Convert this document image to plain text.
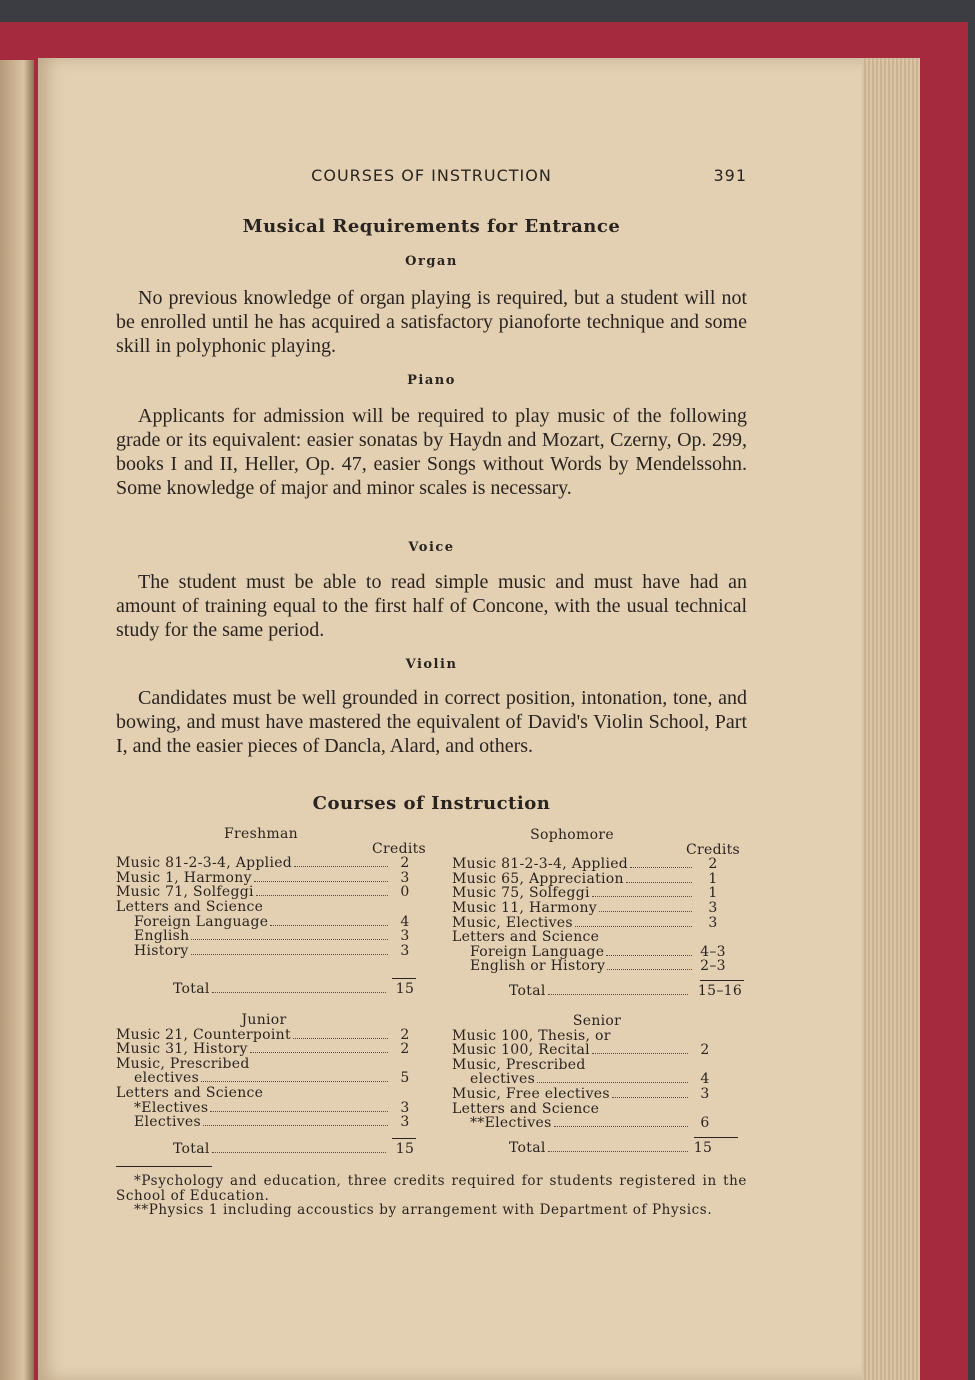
COURSES OF INSTRUCTION	391
Musical Requirements for Entrance
Organ
No previous knowledge of organ playing is required, but a student will not be enrolled until he has acquired a satisfactory pianoforte technique and some skill in polyphonic playing.
Piano
Applicants for admission will be required to play music of the following grade or its equivalent: easier sonatas by Haydn and Mozart, Czerny, Op. 299, books I and II, Heller, Op. 47, easier Songs without Words by Mendelssohn. Some knowledge of major and minor scales is necessary.
Voice
The student must be able to read simple music and must have had an amount of training equal to the first half of Concone, with the usual technical study for the same period.
Violin
Candidates must be well grounded in correct position, intonation, tone, and bowing, and must have mastered the equivalent of David's Violin School, Part I, and the easier pieces of Dancla, Alard, and others.
Courses of Instruction
Freshman
Credits
Music 81-2-3-4, Applied	2
Music 1, Harmony	3
Music 71, Solfeggi	0
Letters and Science
Foreign Language	4
English	3
History	3
Total	15
Sophomore
Credits
Music 81-2-3-4, Applied	2
Music 65, Appreciation	1
Music 75, Solfeggi	1
Music 11, Harmony	3
Music, Electives	3
Letters and Science
Foreign Language	4–3
English or History	2–3
Total	15–16
Junior
Music 21, Counterpoint	2
Music 31, History	2
Music, Prescribed
electives	5
Letters and Science
*Electives	3
Electives	3
Total	15
Senior
Music 100, Thesis, or
Music 100, Recital	2
Music, Prescribed
electives	4
Music, Free electives	3
Letters and Science
**Electives	6
Total	15
*Psychology and education, three credits required for students registered in the School of Education.
**Physics 1 including accoustics by arrangement with Department of Physics.
